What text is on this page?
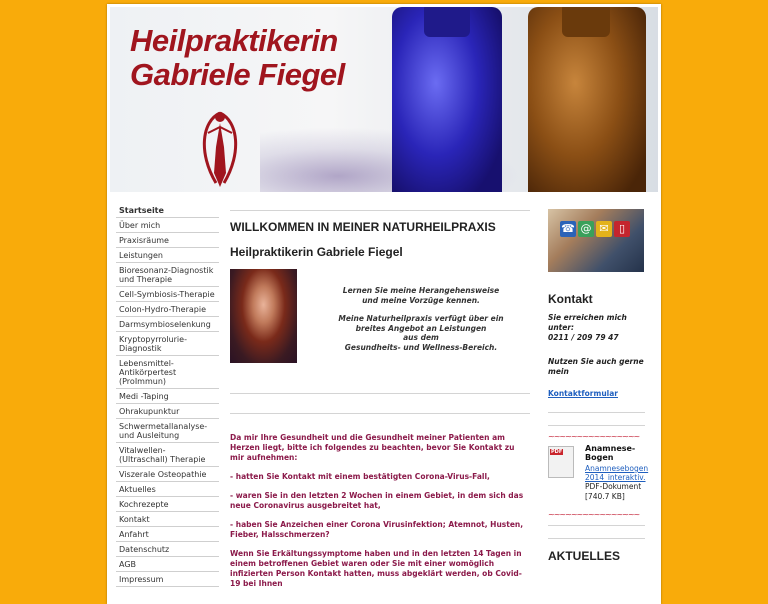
Heilpraktikerin
Gabriele Fiegel
Startseite
Über mich
Praxisräume
Leistungen
Bioresonanz-Diagnostik und Therapie
Cell-Symbiosis-Therapie
Colon-Hydro-Therapie
Darmsymbioselenkung
Kryptopyrrolurie-Diagnostik
Lebensmittel-Antikörpertest (ProImmun)
Medi -Taping
Ohrakupunktur
Schwermetallanalyse- und Ausleitung
Vitalwellen- (Ultraschall) Therapie
Viszerale Osteopathie
Aktuelles
Kochrezepte
Kontakt
Anfahrt
Datenschutz
AGB
Impressum
WILLKOMMEN IN MEINER NATURHEILPRAXIS
Heilpraktikerin Gabriele Fiegel
Lernen Sie meine Herangehensweise
und meine Vorzüge kennen.
Meine Naturheilpraxis verfügt über ein
breites Angebot an Leistungen
aus dem
Gesundheits- und Wellness-Bereich.

Da mir Ihre Gesundheit und die Gesundheit meiner Patienten am Herzen liegt, bitte ich folgendes zu beachten, bevor Sie Kontakt zu mir aufnehmen:

- hatten Sie Kontakt mit einem bestätigten Corona-Virus-Fall,

- waren Sie in den letzten 2 Wochen in einem Gebiet, in dem sich das neue Coronavirus ausgebreitet hat,

- haben Sie Anzeichen einer Corona Virusinfektion; Atemnot, Husten, Fieber, Halsschmerzen?

Wenn Sie Erkältungssymptome haben und in den letzten 14 Tagen in einem betroffenen Gebiet waren oder Sie mit einer womöglich infizierten Person Kontakt hatten, muss abgeklärt werden, ob Covid-19 bei Ihnen

☎ @ ✉ ▯
Kontakt

Sie erreichen mich unter:

0211 / 209 79 47

Nutzen Sie auch gerne mein

Kontaktformular
~~~~~~~~~~~~~~~~
PDF	Anamnese-Bogen
Anamnesebogen 2014_interaktiv.
PDF-Dokument
[740.7 KB]
~~~~~~~~~~~~~~~~
AKTUELLES
